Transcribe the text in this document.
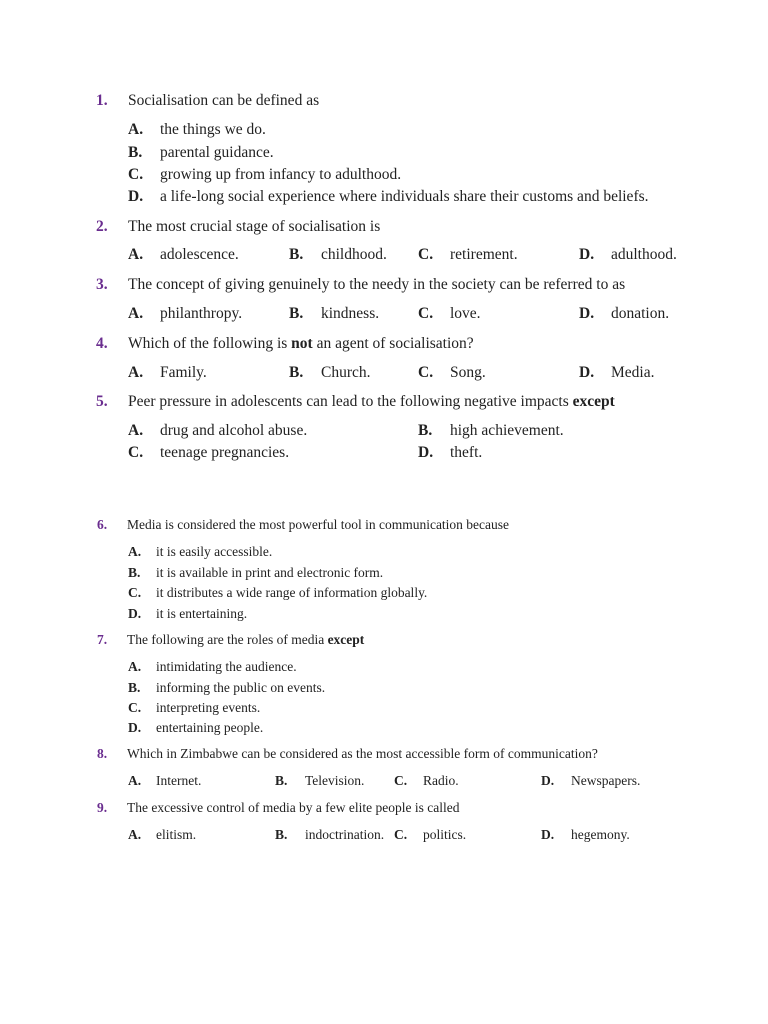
1. Socialisation can be defined as
A. the things we do.
B. parental guidance.
C. growing up from infancy to adulthood.
D. a life-long social experience where individuals share their customs and beliefs.
2. The most crucial stage of socialisation is
A. adolescence.	B. childhood. C. retirement.	D. adulthood.
3. The concept of giving genuinely to the needy in the society can be referred to as
A. philanthropy.	B. kindness.	C. love.	D. donation.
4. Which of the following is not an agent of socialisation?
A. Family.	B. Church.	C. Song.	D. Media.
5. Peer pressure in adolescents can lead to the following negative impacts except
A. drug and alcohol abuse.	B. high achievement.
C. teenage pregnancies.	D. theft.
6. Media is considered the most powerful tool in communication because
A. it is easily accessible.
B. it is available in print and electronic form.
C. it distributes a wide range of information globally.
D. it is entertaining.
7. The following are the roles of media except
A. intimidating the audience.
B. informing the public on events.
C. interpreting events.
D. entertaining people.
8. Which in Zimbabwe can be considered as the most accessible form of communication?
A. Internet.	B. Television. C. Radio.	D. Newspapers.
9. The excessive control of media by a few elite people is called
A. elitism.	B. indoctrination. C. politics.	D. hegemony.
